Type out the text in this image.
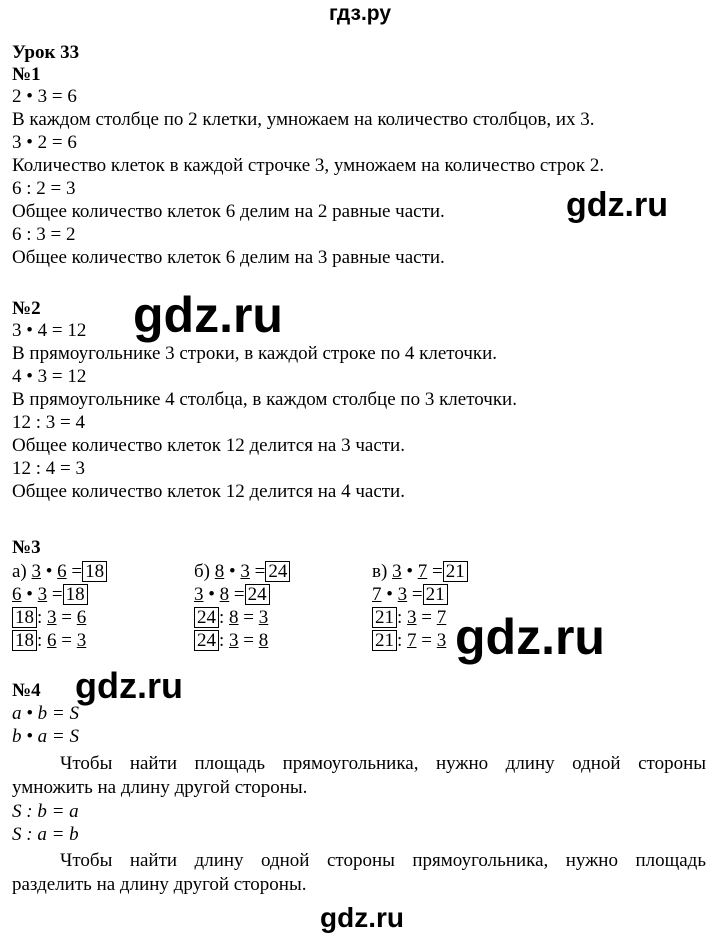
гдз.ру
Урок 33
№1
2 • 3 = 6
В каждом столбце по 2 клетки, умножаем на количество столбцов, их 3.
3 • 2 = 6
Количество клеток в каждой строчке 3, умножаем на количество строк 2.
6 : 2 = 3
Общее количество клеток 6 делим на 2 равные части.
6 : 3 = 2
Общее количество клеток 6 делим на 3 равные части.
№2
3 • 4 = 12
В прямоугольнике 3 строки, в каждой строке по 4 клеточки.
4 • 3 = 12
В прямоугольнике 4 столбца, в каждом столбце по 3 клеточки.
12 : 3 = 4
Общее количество клеток 12 делится на 3 части.
12 : 4 = 3
Общее количество клеток 12 делится на 4 части.
№3
а) 3 • 6 = 18
6 • 3 = 18
18 : 3 = 6
18 : 6 = 3
б) 8 • 3 = 24
3 • 8 = 24
24 : 8 = 3
24 : 3 = 8
в) 3 • 7 = 21
7 • 3 = 21
21 : 3 = 7
21 : 7 = 3
№4
a • b = S
b • a = S
Чтобы найти площадь прямоугольника, нужно длину одной стороны
умножить на длину другой стороны.
S : b = a
S : a = b
Чтобы найти длину одной стороны прямоугольника, нужно площадь
разделить на длину другой стороны.
gdz.ru
gdz.ru
gdz.ru
gdz.ru
gdz.ru
